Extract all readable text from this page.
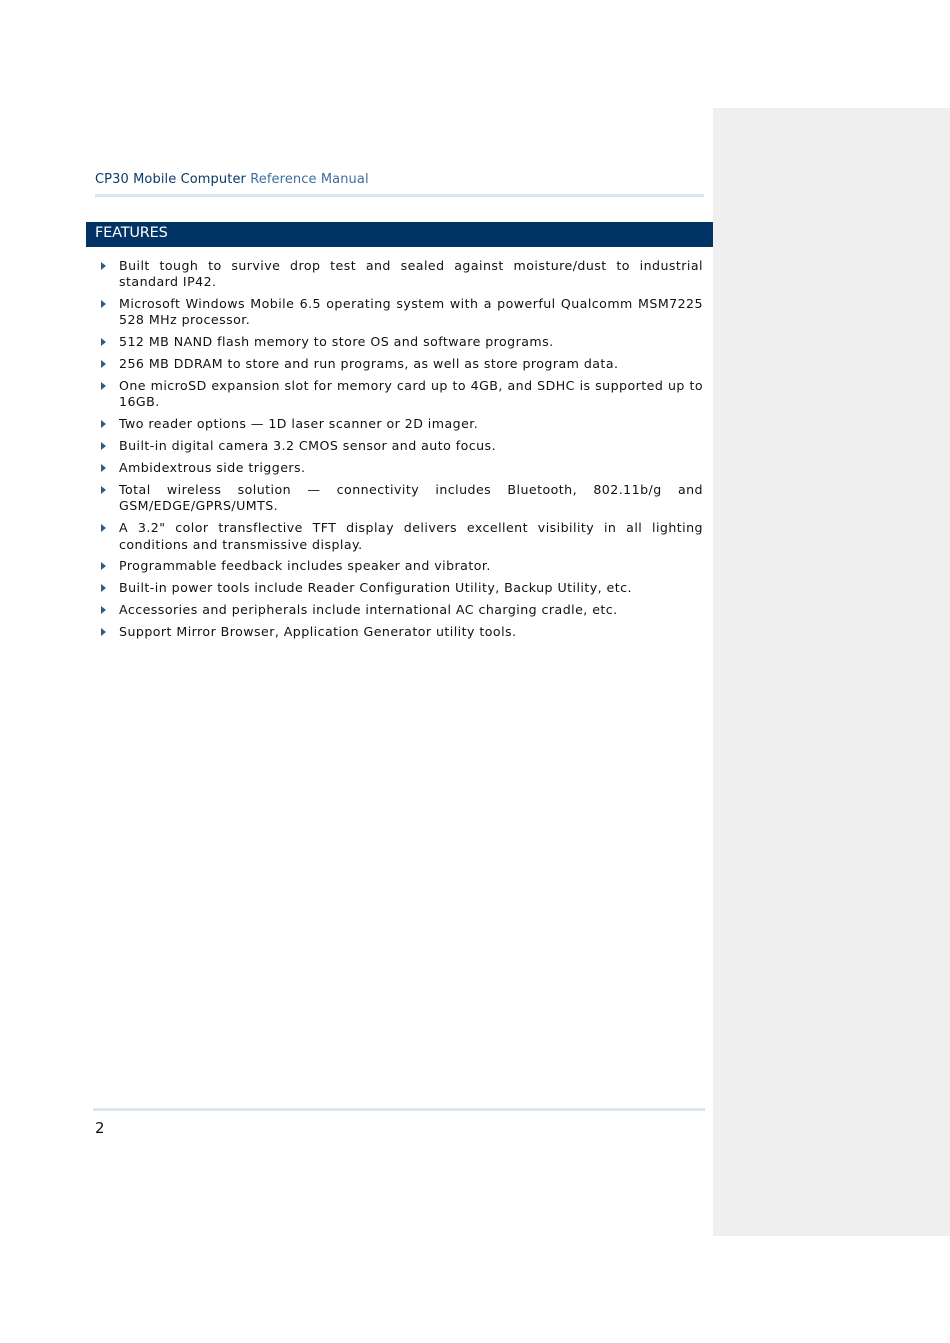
CP30 Mobile Computer Reference Manual
FEATURES
Built tough to survive drop test and sealed against moisture/dust to industrial standard IP42.
Microsoft Windows Mobile 6.5 operating system with a powerful Qualcomm MSM7225 528 MHz processor.
512 MB NAND flash memory to store OS and software programs.
256 MB DDRAM to store and run programs, as well as store program data.
One microSD expansion slot for memory card up to 4GB, and SDHC is supported up to 16GB.
Two reader options — 1D laser scanner or 2D imager.
Built-in digital camera 3.2 CMOS sensor and auto focus.
Ambidextrous side triggers.
Total wireless solution — connectivity includes Bluetooth, 802.11b/g and GSM/EDGE/GPRS/UMTS.
A 3.2" color transflective TFT display delivers excellent visibility in all lighting conditions and transmissive display.
Programmable feedback includes speaker and vibrator.
Built-in power tools include Reader Configuration Utility, Backup Utility, etc.
Accessories and peripherals include international AC charging cradle, etc.
Support Mirror Browser, Application Generator utility tools.
2
